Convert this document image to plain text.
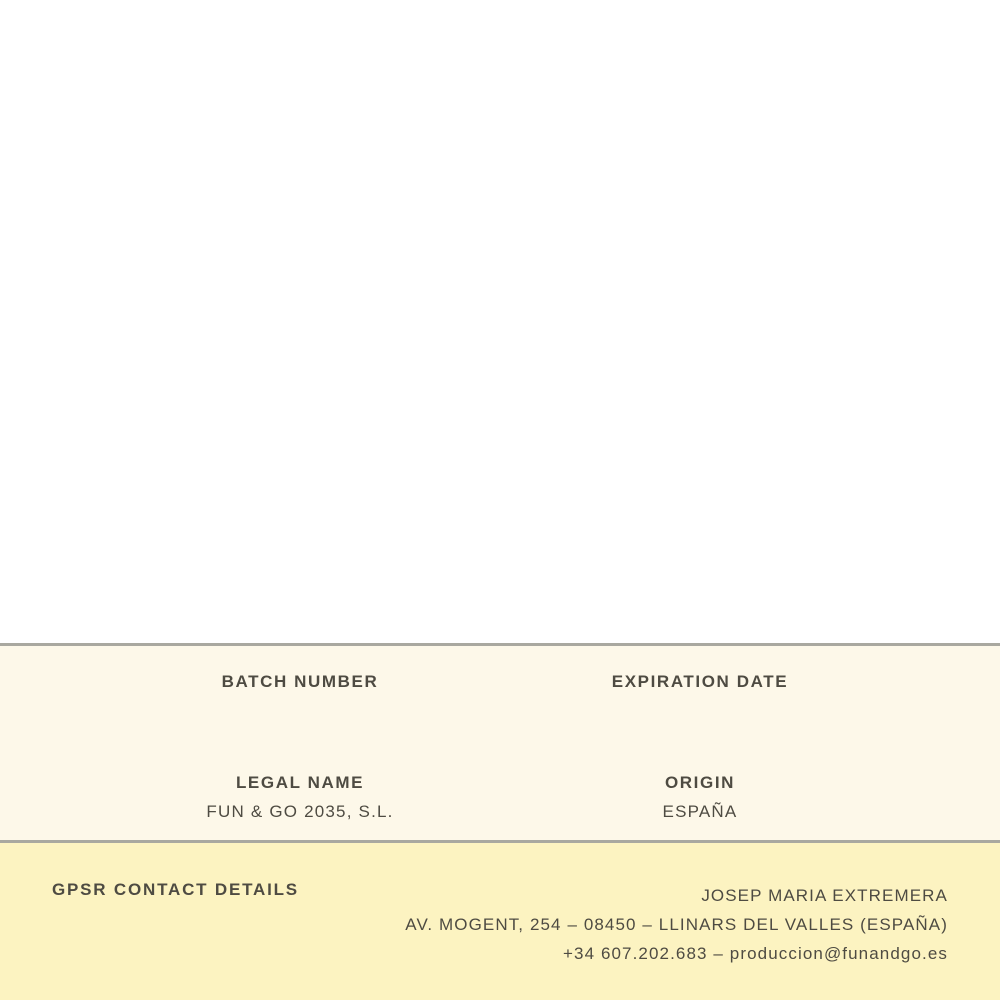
BATCH NUMBER	EXPIRATION DATE
LEGAL NAME
FUN & GO 2035, S.L.
ORIGIN
ESPAÑA
GPSR CONTACT DETAILS	JOSEP MARIA EXTREMERA
AV. MOGENT, 254 – 08450 – LLINARS DEL VALLES (ESPAÑA)
+34 607.202.683 – produccion@funandgo.es
